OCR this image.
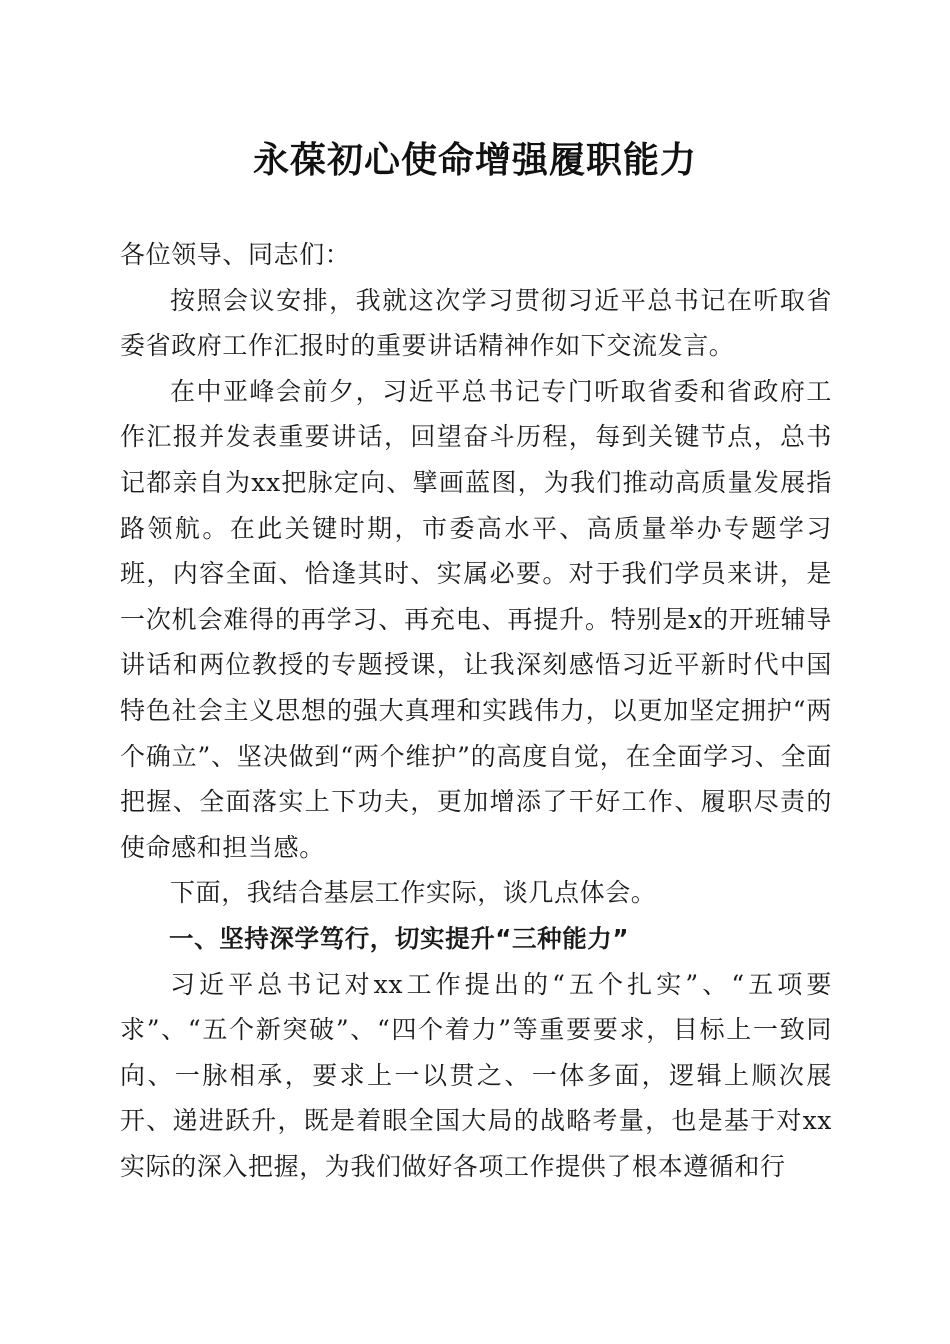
永葆初心使命增强履职能力

各位领导、同志们：

按照会议安排，我就这次学习贯彻习近平总书记在听取省委省政府工作汇报时的重要讲话精神作如下交流发言。

在中亚峰会前夕，习近平总书记专门听取省委和省政府工作汇报并发表重要讲话，回望奋斗历程，每到关键节点，总书记都亲自为xx把脉定向、擘画蓝图，为我们推动高质量发展指路领航。在此关键时期，市委高水平、高质量举办专题学习班，内容全面、恰逢其时、实属必要。对于我们学员来讲，是一次机会难得的再学习、再充电、再提升。特别是x的开班辅导讲话和两位教授的专题授课，让我深刻感悟习近平新时代中国特色社会主义思想的强大真理和实践伟力，以更加坚定拥护“两个确立”、坚决做到“两个维护”的高度自觉，在全面学习、全面把握、全面落实上下功夫，更加增添了干好工作、履职尽责的使命感和担当感。

下面，我结合基层工作实际，谈几点体会。

一、坚持深学笃行，切实提升“三种能力”

习近平总书记对xx工作提出的“五个扎实”、“五项要求”、“五个新突破”、“四个着力”等重要要求，目标上一致同向、一脉相承，要求上一以贯之、一体多面，逻辑上顺次展开、递进跃升，既是着眼全国大局的战略考量，也是基于对xx实际的深入把握，为我们做好各项工作提供了根本遵循和行
